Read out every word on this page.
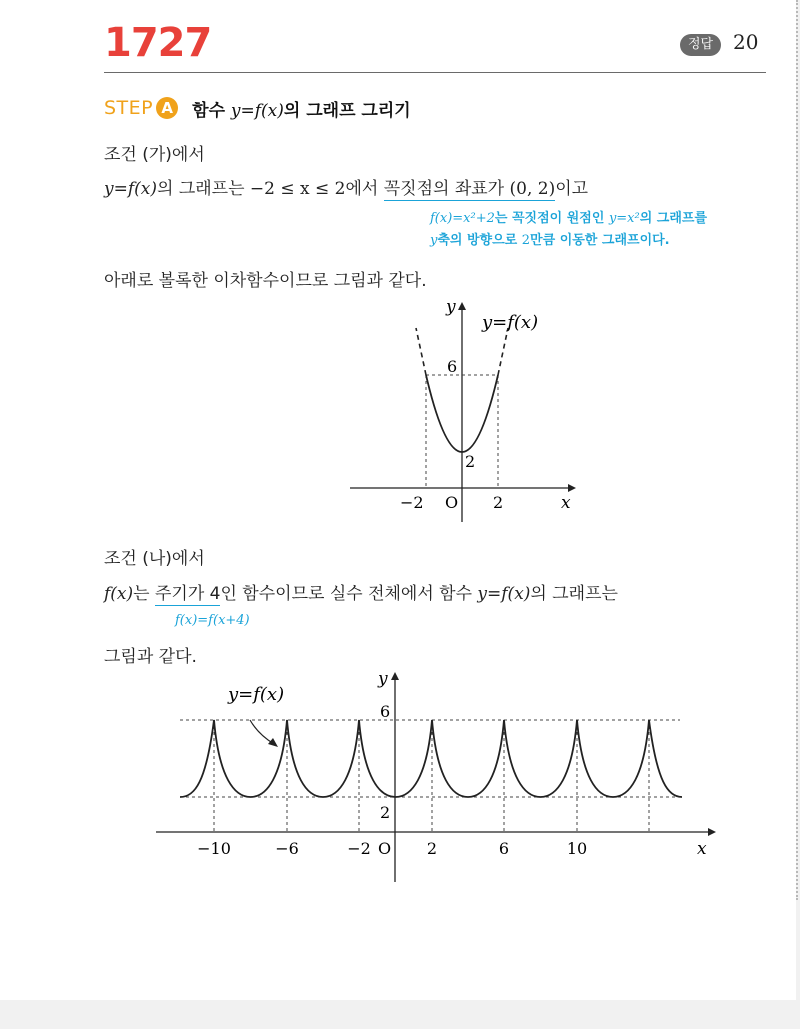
1727	정답 20
STEP A	함수 y=f(x)의 그래프 그리기
조건 (가)에서
y=f(x)의 그래프는 −2 ≤ x ≤ 2에서 꼭짓점의 좌표가 (0, 2)이고
f(x)=x²+2는 꼭짓점이 원점인 y=x²의 그래프를
y축의 방향으로 2만큼 이동한 그래프이다.
아래로 볼록한 이차함수이므로 그림과 같다.
y
y=f(x)
6
2
−2 O 2	x
조건 (나)에서
f(x)는 주기가 4인 함수이므로 실수 전체에서 함수 y=f(x)의 그래프는
f(x)=f(x+4)
그림과 같다.
y=f(x)
y
6
2
O	x
−10	−6	−2	2	6	10
